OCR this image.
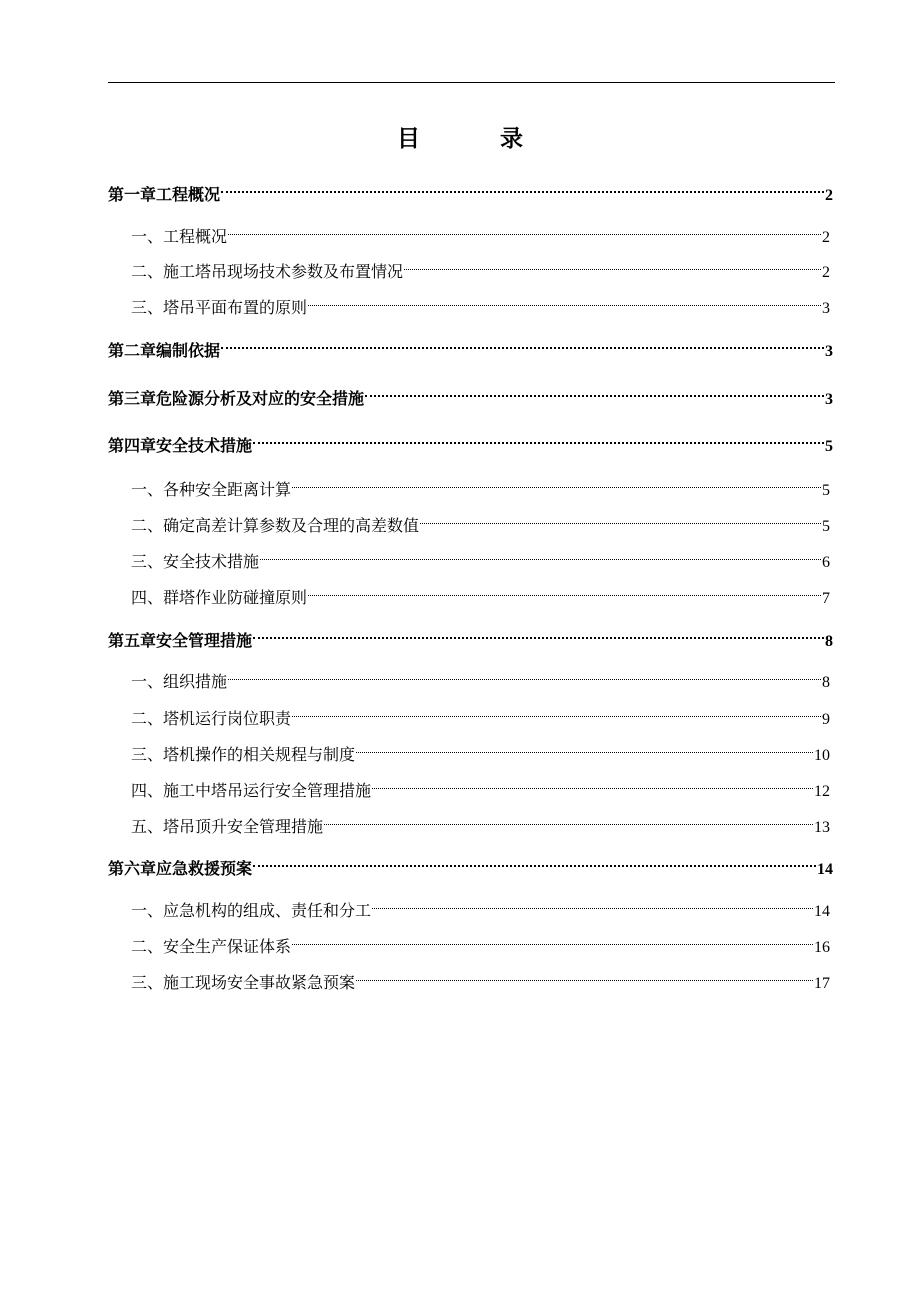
目	录
第一章工程概况	2
一、工程概况	2
二、施工塔吊现场技术参数及布置情况	2
三、塔吊平面布置的原则	3
第二章编制依据	3
第三章危险源分析及对应的安全措施	3
第四章安全技术措施	5
一、各种安全距离计算	5
二、确定高差计算参数及合理的高差数值	5
三、安全技术措施	6
四、群塔作业防碰撞原则	7
第五章安全管理措施	8
一、组织措施	8
二、塔机运行岗位职责	9
三、塔机操作的相关规程与制度	10
四、施工中塔吊运行安全管理措施	12
五、塔吊顶升安全管理措施	13
第六章应急救援预案	14
一、应急机构的组成、责任和分工	14
二、安全生产保证体系	16
三、施工现场安全事故紧急预案	17
